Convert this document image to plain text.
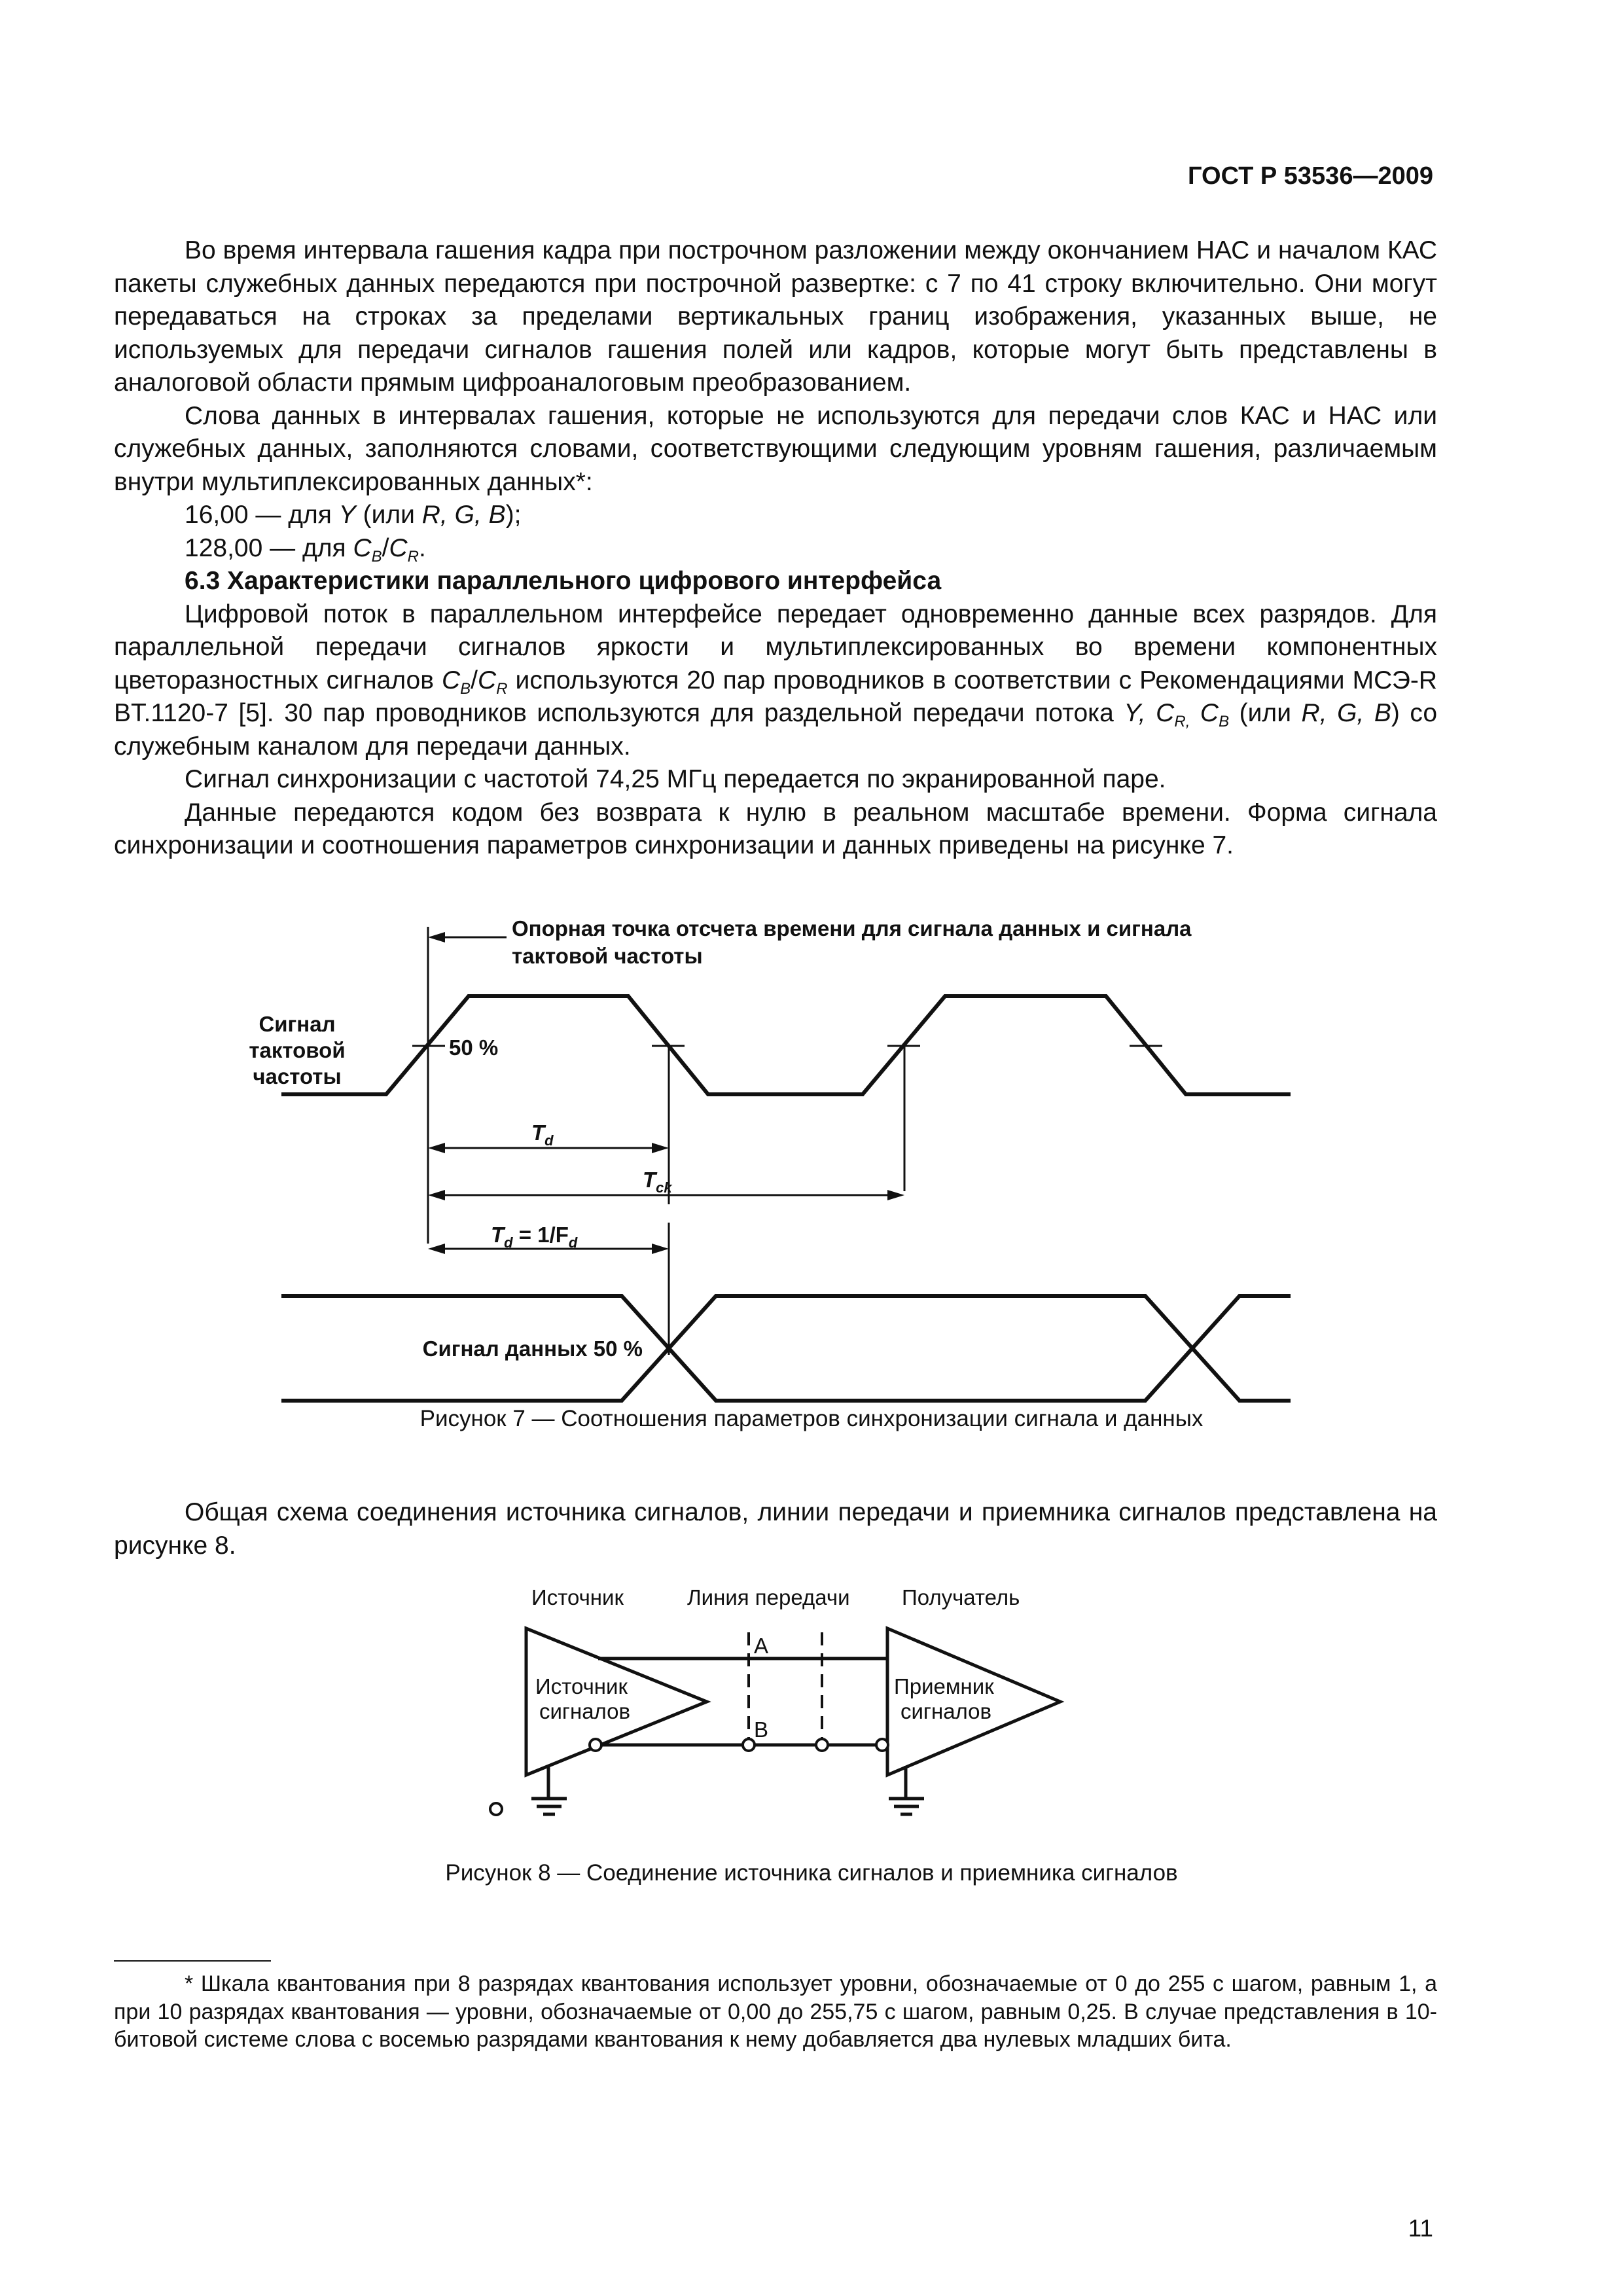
ГОСТ Р 53536—2009

Во время интервала гашения кадра при построчном разложении между окончанием НАС и началом КАС пакеты служебных данных передаются при построчной развертке: с 7 по 41 строку включительно. Они могут передаваться на строках за пределами вертикальных границ изображения, указанных выше, не используемых для передачи сигналов гашения полей или кадров, которые могут быть представлены в аналоговой области прямым цифроаналоговым преобразованием.

Слова данных в интервалах гашения, которые не используются для передачи слов КАС и НАС или служебных данных, заполняются словами, соответствующими следующим уровням гашения, различаемым внутри мультиплексированных данных*:

16,00 — для Y (или R, G, B);

128,00 — для $C_B/C_R$.

6.3 Характеристики параллельного цифрового интерфейса

Цифровой поток в параллельном интерфейсе передает одновременно данные всех разрядов. Для параллельной передачи сигналов яркости и мультиплексированных во времени компонентных цветоразностных сигналов $C_B/C_R$ используются 20 пар проводников в соответствии с Рекомендациями МСЭ-R BT.1120-7 [5]. 30 пар проводников используются для раздельной передачи потока Y, $C_{R,}$ $C_B$ (или R, G, B) со служебным каналом для передачи данных.

Сигнал синхронизации с частотой 74,25 МГц передается по экранированной паре.

Данные передаются кодом без возврата к нулю в реальном масштабе времени. Форма сигнала синхронизации и соотношения параметров синхронизации и данных приведены на рисунке 7.

Опорная точка отсчета времени для сигнала данных и сигнала
тактовой частоты
Сигнал
тактовой
частоты
50 %
$T_d$
$T_{ck}$
$T_d = 1/F_d$
Сигнал данных 50 %
Рисунок 7 — Соотношения параметров синхронизации сигнала и данных

Общая схема соединения источника сигналов, линии передачи и приемника сигналов представлена на рисунке 8.

Источник	Линия передачи Получатель
Источник
сигналов
Приемник
сигналов
A
B
Рисунок 8 — Соединение источника сигналов и приемника сигналов

* Шкала квантования при 8 разрядах квантования использует уровни, обозначаемые от 0 до 255 с шагом, равным 1, а при 10 разрядах квантования — уровни, обозначаемые от 0,00 до 255,75 с шагом, равным 0,25. В случае представления в 10-битовой системе слова с восемью разрядами квантования к нему добавляется два нулевых младших бита.

11
